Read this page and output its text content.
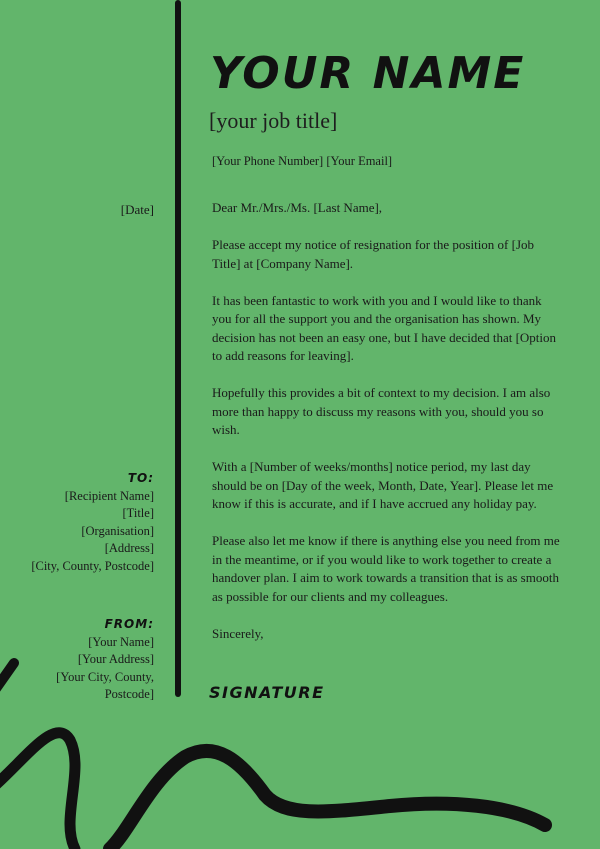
YOUR NAME
[your job title]
[Your Phone Number] [Your Email]
[Date]	Dear Mr./Mrs./Ms. [Last Name],

Please accept my notice of resignation for the position of [Job Title] at [Company Name].

It has been fantastic to work with you and I would like to thank you for all the support you and the organisation has shown. My decision has not been an easy one, but I have decided that [Option to add reasons for leaving].

Hopefully this provides a bit of context to my decision. I am also more than happy to discuss my reasons with you, should you so wish.

With a [Number of weeks/months] notice period, my last day should be on [Day of the week, Month, Date, Year]. Please let me know if this is accurate, and if I have accrued any holiday pay.

Please also let me know if there is anything else you need from me in the meantime, or if you would like to work together to create a handover plan. I aim to work towards a transition that is as smooth as possible for our clients and my colleagues.

Sincerely,

SIGNATURE
TO:
[Recipient Name]
[Title]
[Organisation]
[Address]
[City, County, Postcode]
FROM:
[Your Name]
[Your Address]
[Your City, County,
Postcode]
